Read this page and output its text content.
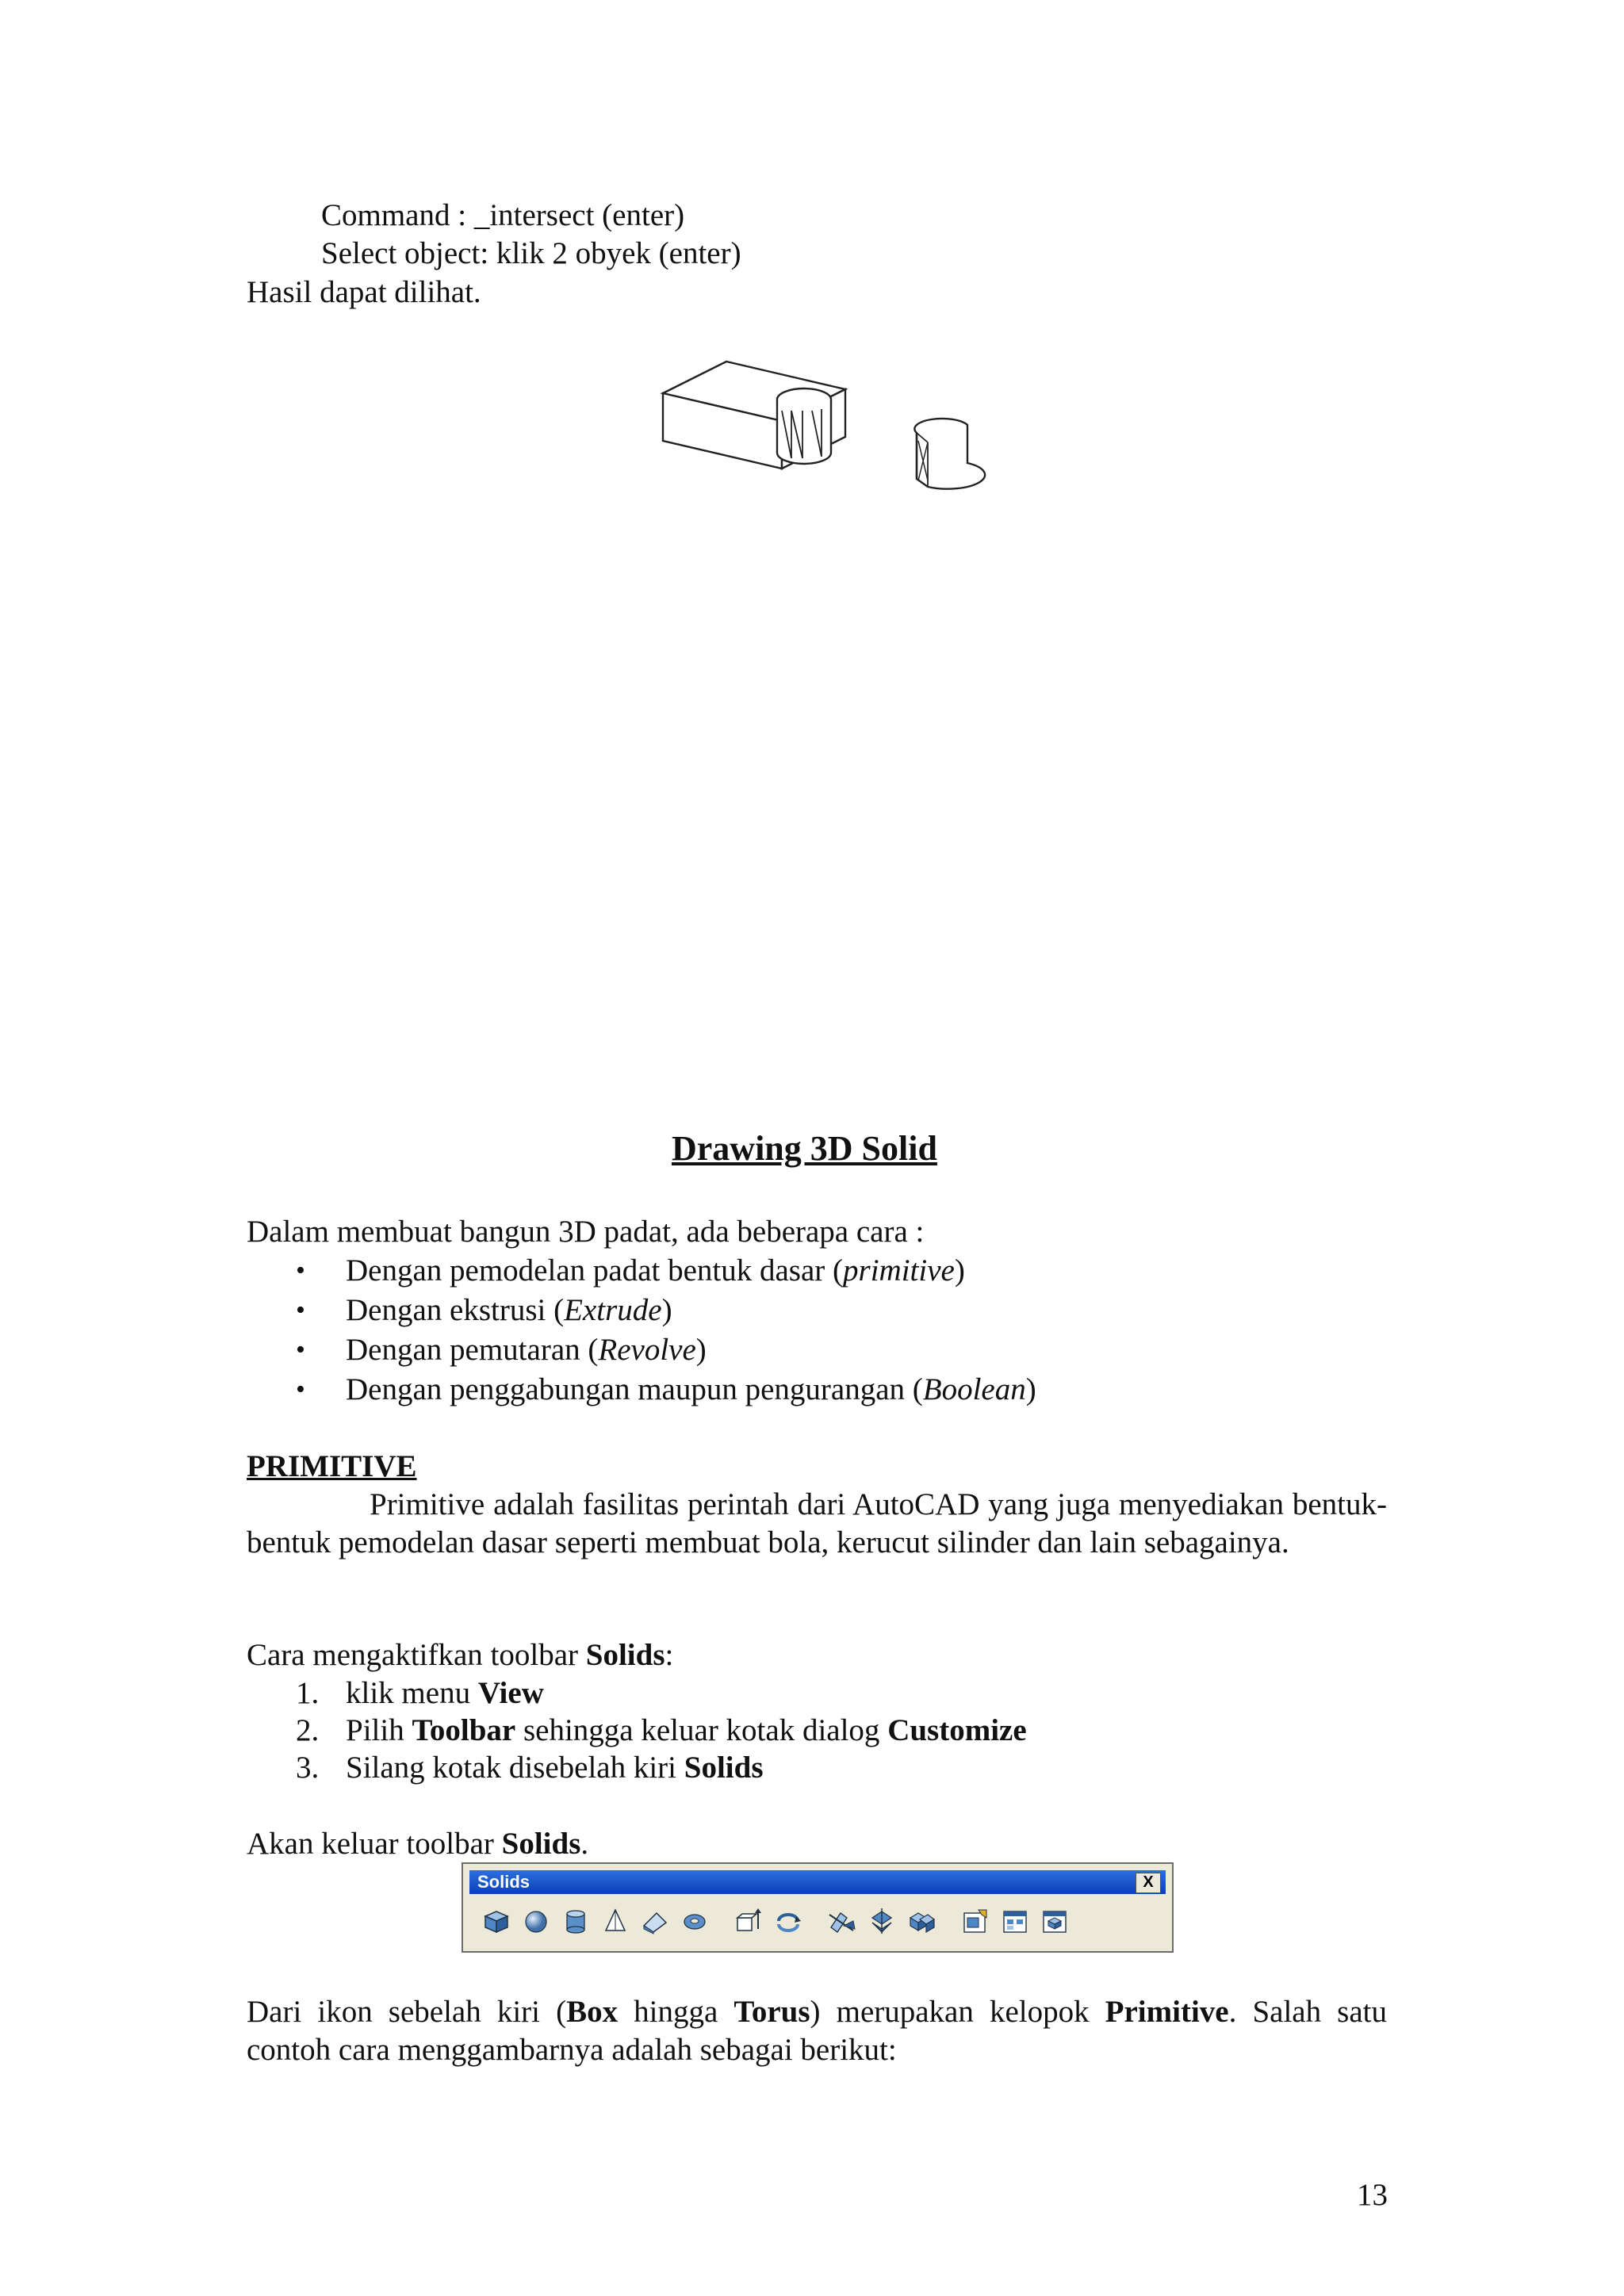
Command : _intersect (enter)
Select object: klik 2 obyek (enter)
Hasil dapat dilihat.
Drawing 3D Solid
Dalam membuat bangun 3D padat, ada beberapa cara :
• Dengan pemodelan padat bentuk dasar (primitive)
• Dengan ekstrusi (Extrude)
• Dengan pemutaran (Revolve)
• Dengan penggabungan maupun pengurangan (Boolean)
PRIMITIVE
Primitive adalah fasilitas perintah dari AutoCAD yang juga menyediakan bentuk-bentuk pemodelan dasar seperti membuat bola, kerucut silinder dan lain sebagainya.
Cara mengaktifkan toolbar Solids:
1. klik menu View
2. Pilih Toolbar sehingga keluar kotak dialog Customize
3. Silang kotak disebelah kiri Solids
Akan keluar toolbar Solids.
Solids	X
Dari ikon sebelah kiri (Box hingga Torus) merupakan kelopok Primitive. Salah satu contoh cara menggambarnya adalah sebagai berikut:
13
